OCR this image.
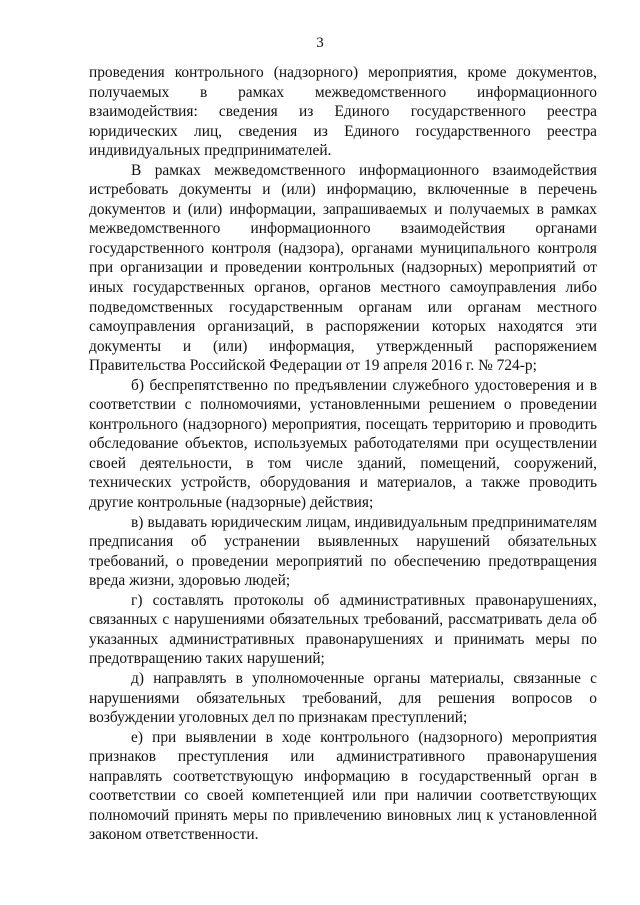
3

проведения контрольного (надзорного) мероприятия, кроме документов, получаемых в рамках межведомственного информационного взаимодействия: сведения из Единого государственного реестра юридических лиц, сведения из Единого государственного реестра индивидуальных предпринимателей.

В рамках межведомственного информационного взаимодействия истребовать документы и (или) информацию, включенные в перечень документов и (или) информации, запрашиваемых и получаемых в рамках межведомственного информационного взаимодействия органами государственного контроля (надзора), органами муниципального контроля при организации и проведении контрольных (надзорных) мероприятий от иных государственных органов, органов местного самоуправления либо подведомственных государственным органам или органам местного самоуправления организаций, в распоряжении которых находятся эти документы и (или) информация, утвержденный распоряжением Правительства Российской Федерации от 19 апреля 2016 г. № 724-р;

б) беспрепятственно по предъявлении служебного удостоверения и в соответствии с полномочиями, установленными решением о проведении контрольного (надзорного) мероприятия, посещать территорию и проводить обследование объектов, используемых работодателями при осуществлении своей деятельности, в том числе зданий, помещений, сооружений, технических устройств, оборудования и материалов, а также проводить другие контрольные (надзорные) действия;

в) выдавать юридическим лицам, индивидуальным предпринимателям предписания об устранении выявленных нарушений обязательных требований, о проведении мероприятий по обеспечению предотвращения вреда жизни, здоровью людей;

г) составлять протоколы об административных правонарушениях, связанных с нарушениями обязательных требований, рассматривать дела об указанных административных правонарушениях и принимать меры по предотвращению таких нарушений;

д) направлять в уполномоченные органы материалы, связанные с нарушениями обязательных требований, для решения вопросов о возбуждении уголовных дел по признакам преступлений;

е) при выявлении в ходе контрольного (надзорного) мероприятия признаков преступления или административного правонарушения направлять соответствующую информацию в государственный орган в соответствии со своей компетенцией или при наличии соответствующих полномочий принять меры по привлечению виновных лиц к установленной законом ответственности.
